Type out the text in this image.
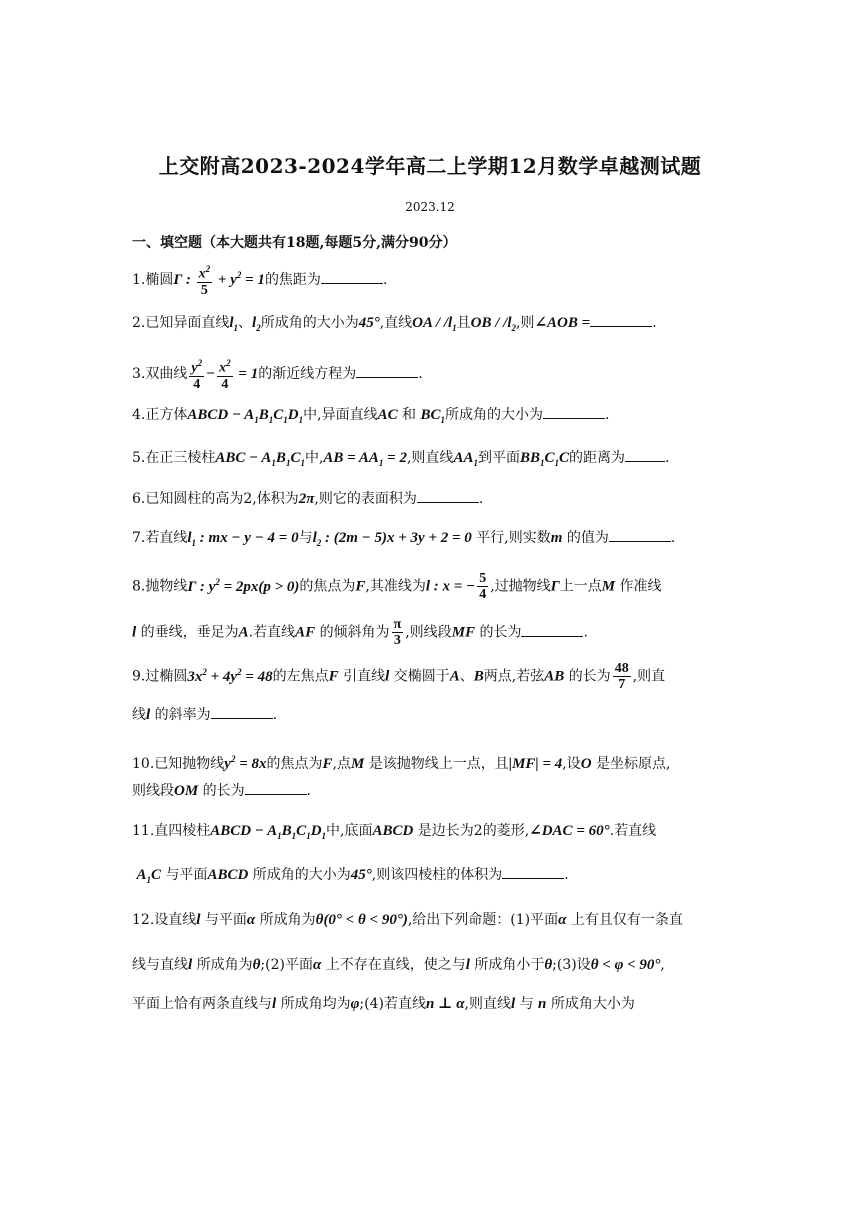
上交附高2023-2024学年高二上学期12月数学卓越测试题
2023.12
一、填空题（本大题共有18题,每题5分,满分90分）
1.椭圆Γ : $\frac{x^2}{5} + y^2 = 1$的焦距为	.
2.已知异面直线$l_1$、$l_2$所成角的大小为45°,直线OA / $/l_1$且OB / $/l_2$,则∠AOB =	.
3.双曲线 $\frac{y^2}{4} - \frac{x^2}{4} = 1$的渐近线方程为	.
4.正方体ABCD − $A_1B_1C_1D_1$中,异面直线AC 和 $BC_1$所成角的大小为	.
5.在正三棱柱ABC − $A_1B_1C_1$中$,AB = AA_1 = 2$,则直线$AA_1$到平面$BB_1C_1C$的距离为	.
6.已知圆柱的高为2,体积为2π,则它的表面积为	.
7.若直线$l_1$ : mx − y − 4 = 0与$l_2$ : (2m − 5)x + 3y + 2 = 0 平行,则实数m 的值为	.
8.抛物线Γ : $y^2 = 2px(p > 0)$的焦点为F,其准线为l : x = − $\frac{5}{4}$ ,过抛物线Γ上一点M 作准线
l 的垂线，垂足为A.若直线AF 的倾斜角为 $\frac{\pi}{3}$ ,则线段MF 的长为	.
9.过椭圆$3x^2 + 4y^2 = 48$的左焦点F 引直线l 交椭圆于A、B两点,若弦AB 的长为 $\frac{48}{7}$ ,则直
线l 的斜率为	.
10.已知抛物线$y^2 = 8x$的焦点为F,点M 是该抛物线上一点，且|MF| = 4,设O 是坐标原点,
则线段OM 的长为	.
11.直四棱柱ABCD − $A_1B_1C_1D_1$中,底面ABCD 是边长为2的菱形,∠DAC = 60°.若直线
$A_1C$ 与平面ABCD 所成角的大小为45°,则该四棱柱的体积为	.
12.设直线l 与平面α 所成角为θ(0° < θ < 90°),给出下列命题：(1)平面α 上有且仅有一条直
线与直线l 所成角为θ;(2)平面α 上不存在直线，使之与l 所成角小于θ;(3)设θ < φ < 90°,
平面上恰有两条直线与l 所成角均为φ;(4)若直线n ⊥ α,则直线l 与 n 所成角大小为
